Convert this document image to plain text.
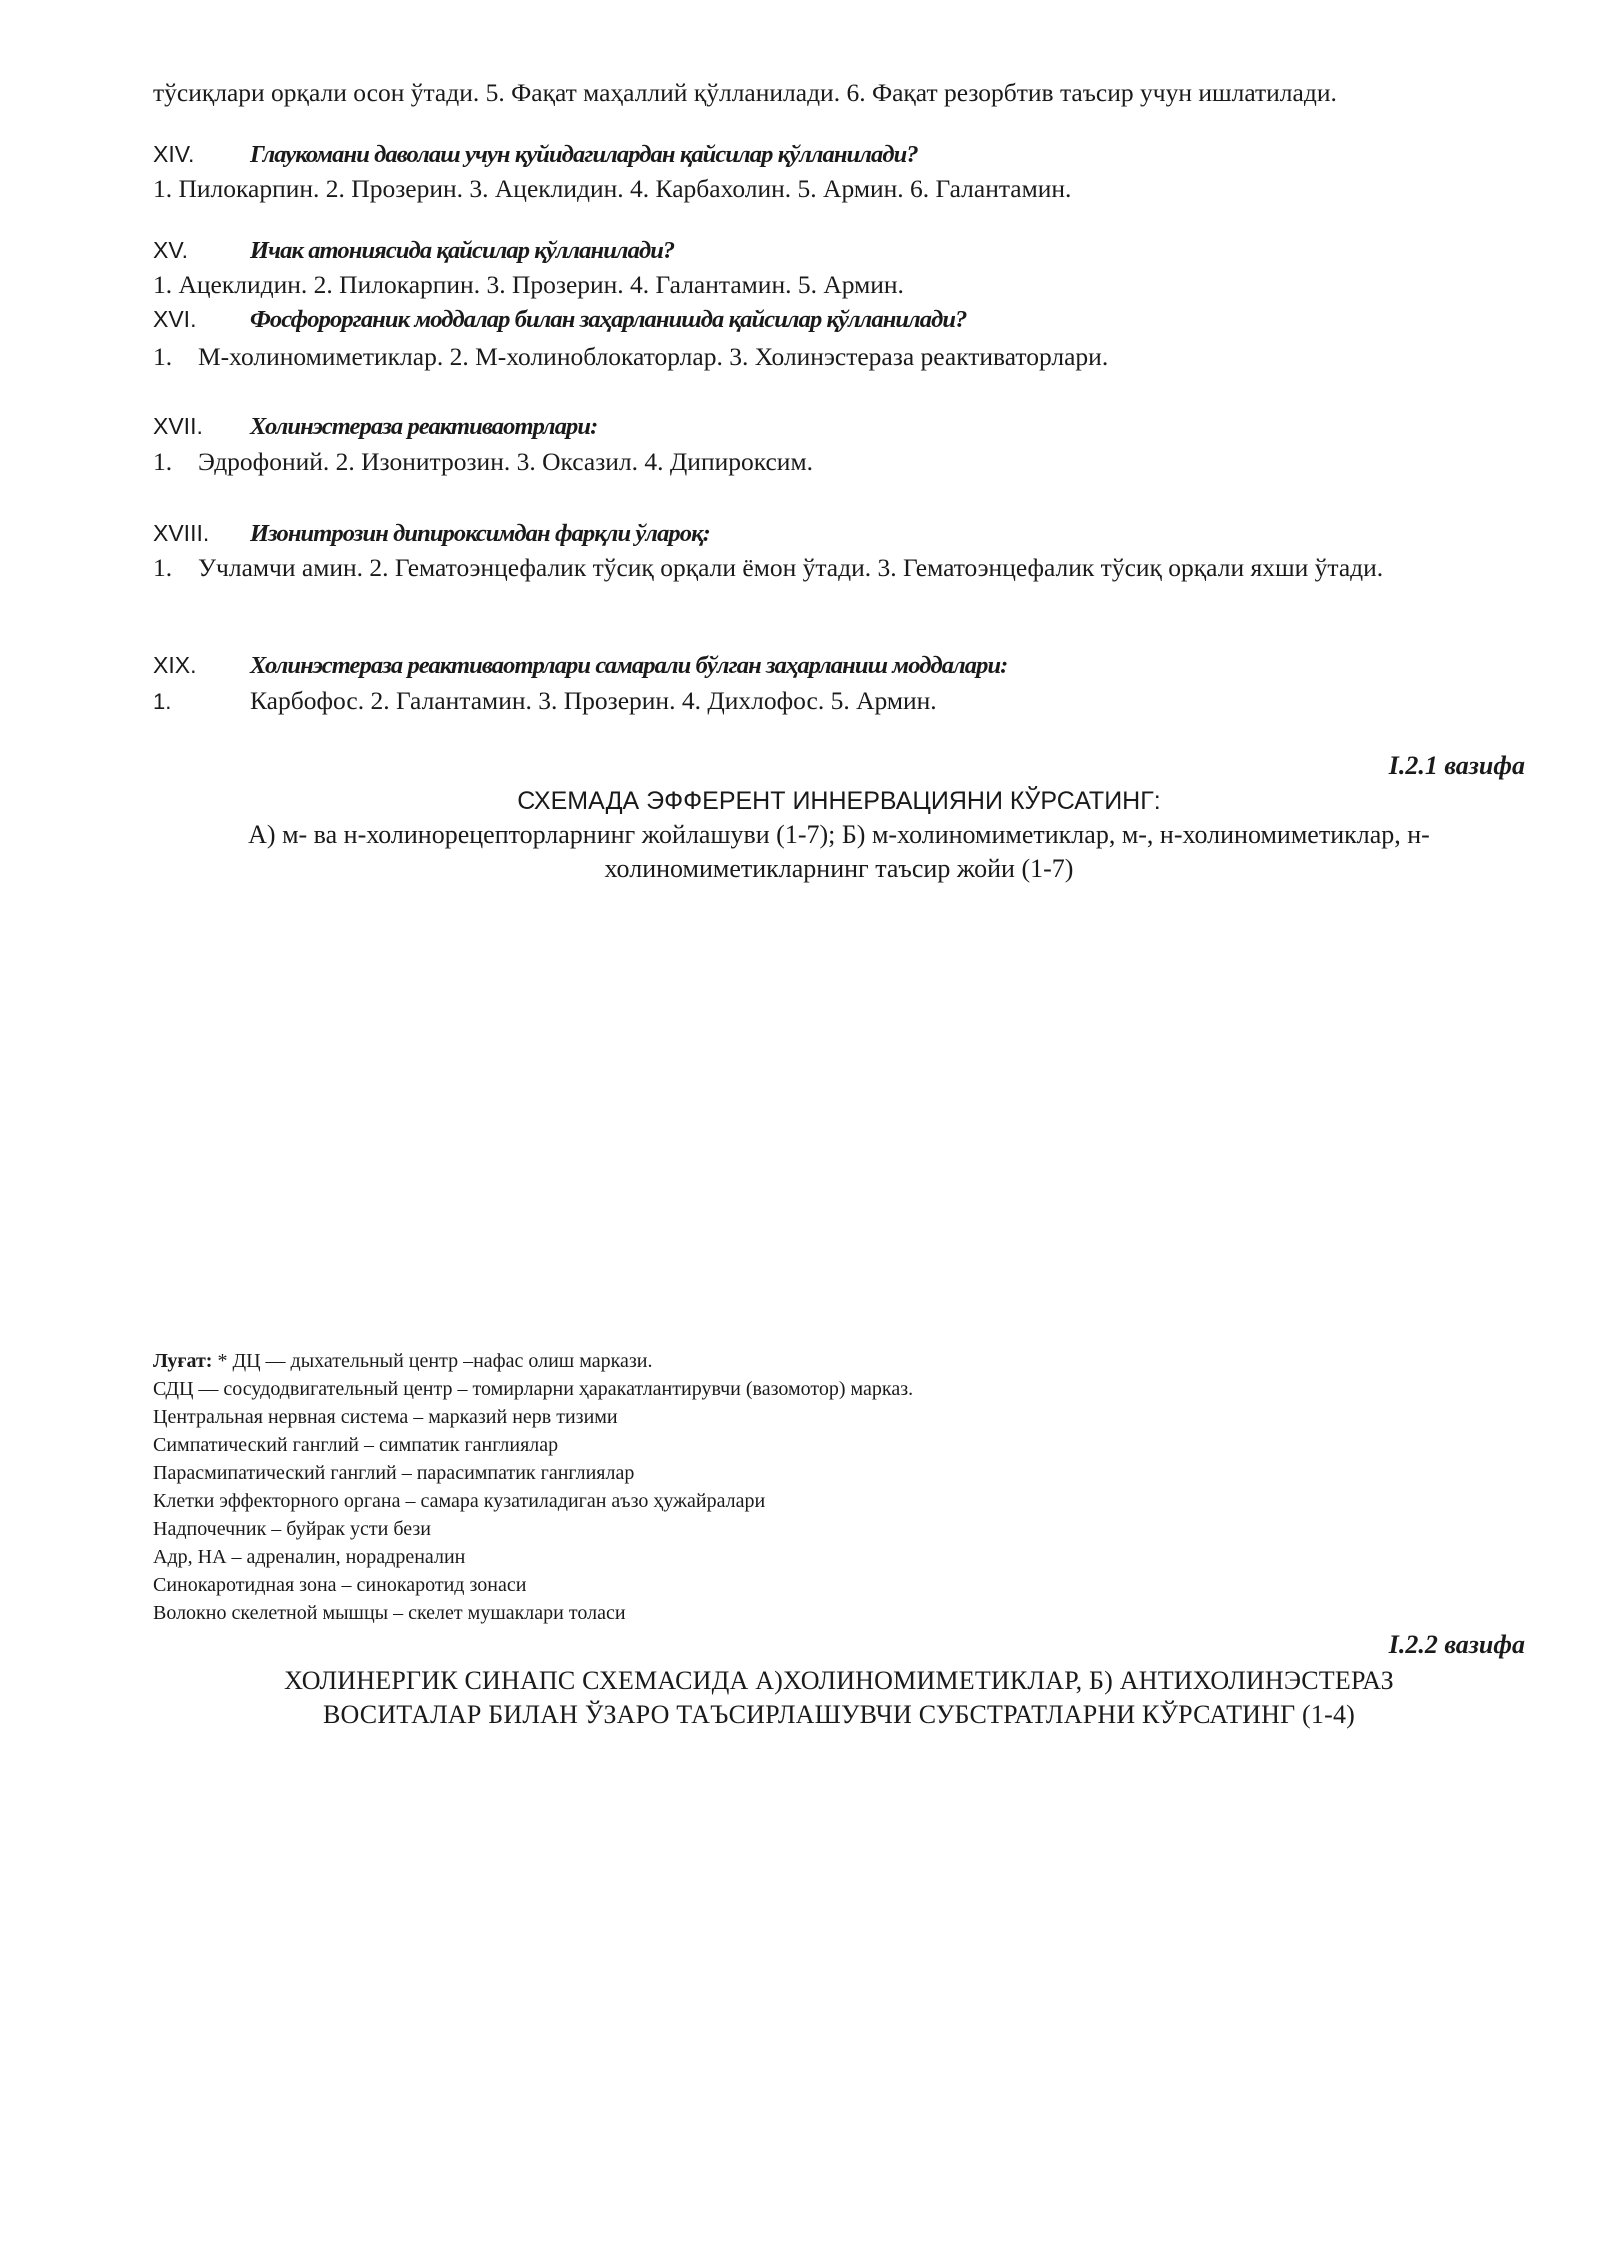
тўсиқлари орқали осон ўтади. 5. Фақат маҳаллий қўлланилади. 6. Фақат резорбтив таъсир учун ишлатилади.
XIV. Глаукомани даволаш учун қуйидагилардан қайсилар қўлланилади?
1. Пилокарпин. 2. Прозерин. 3. Ацеклидин. 4. Карбахолин. 5. Армин. 6. Галантамин.
XV.	Ичак атониясида қайсилар қўлланилади?
1. Ацеклидин. 2. Пилокарпин. 3. Прозерин. 4. Галантамин. 5. Армин.
XVI. Фосфорорганик моддалар билан заҳарланишда қайсилар қўлланилади?
1. М-холиномиметиклар. 2. М-холиноблокаторлар. 3. Холинэстераза реактиваторлари.
XVII. Холинэстераза реактиваотрлари:
1. Эдрофоний. 2. Изонитрозин. 3. Оксазил. 4. Дипироксим.
XVIII. Изонитрозин дипироксимдан фарқли ўлароқ:
1. Учламчи амин. 2. Гематоэнцефалик тўсиқ орқали ёмон ўтади. 3. Гематоэнцефалик тўсиқ орқали яхши ўтади.
XIX. Холинэстераза реактиваотрлари самарали бўлган заҳарланиш моддалари:
1.	Карбофос. 2. Галантамин. 3. Прозерин. 4. Дихлофос. 5. Армин.
I.2.1 вазифа
СХЕМАДА ЭФФЕРЕНТ ИННЕРВАЦИЯНИ КЎРСАТИНГ:
А) м- ва н-холинорецепторларнинг жойлашуви (1-7); Б) м-холиномиметиклар, м-, н-холиномиметиклар, н-
холиномиметикларнинг таъсир жойи (1-7)
Луғат: * ДЦ — дыхательный центр –нафас олиш маркази.
СДЦ — сосудодвигательный центр – томирларни ҳаракатлантирувчи (вазомотор) марказ.
Центральная нервная система – марказий нерв тизими
Симпатический ганглий – симпатик ганглиялар
Парасмипатический ганглий – парасимпатик ганглиялар
Клетки эффекторного органа – самара кузатиладиган аъзо ҳужайралари
Надпочечник – буйрак усти бези
Адр, НА – адреналин, норадреналин
Синокаротидная зона – синокаротид зонаси
Волокно скелетной мышцы – скелет мушаклари толаси
I.2.2 вазифа
ХОЛИНЕРГИК СИНАПС СХЕМАСИДА А)ХОЛИНОМИМЕТИКЛАР, Б) АНТИХОЛИНЭСТЕРАЗ
ВОСИТАЛАР БИЛАН ЎЗАРО ТАЪСИРЛАШУВЧИ СУБСТРАТЛАРНИ КЎРСАТИНГ (1-4)
